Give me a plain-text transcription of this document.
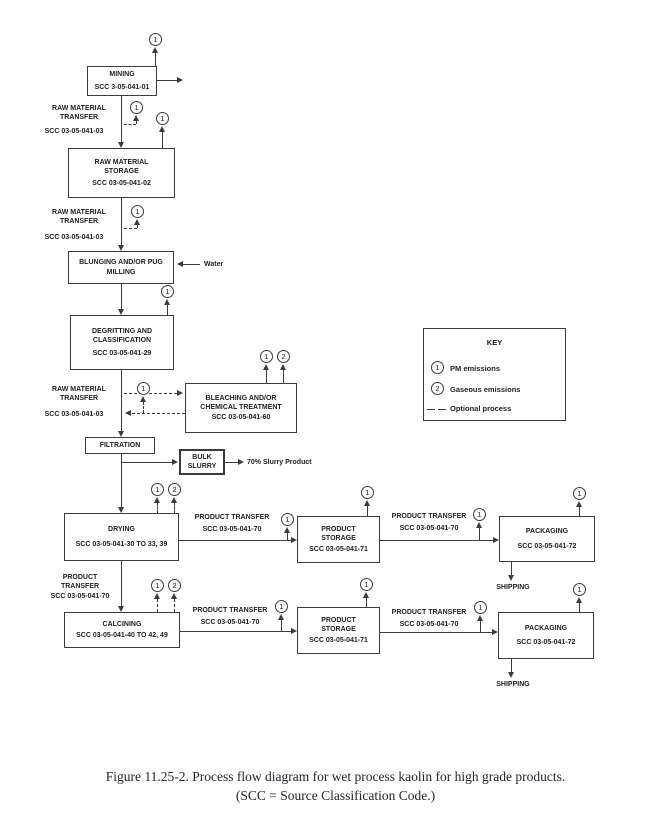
MINING
SCC 3-05-041-01
RAW MATERIAL
STORAGE
SCC 03-05-041-02
BLUNGING AND/OR PUG
MILLING
DEGRITTING AND
CLASSIFICATION
SCC 03-05-041-29
BLEACHING AND/OR
CHEMICAL TREATMENT
SCC 03-05-041-60
FILTRATION
BULK
SLURRY
DRYING
SCC 03-05-041-30 TO 33, 39
PRODUCT
STORAGE
SCC 03-05-041-71
PACKAGING
SCC 03-05-041-72
CALCINING
SCC 03-05-041-40 TO 42, 49
PRODUCT
STORAGE
SCC 03-05-041-71
PACKAGING
SCC 03-05-041-72
1
RAW MATERIAL
TRANSFER
SCC 03-05-041-03
1
1
RAW MATERIAL
TRANSFER
SCC 03-05-041-03
1
Water
1
RAW MATERIAL
TRANSFER
SCC 03-05-041-03
1
1	2
70% Slurry Product
1	2
PRODUCT TRANSFER
SCC 03-05-041-70
1
1
PRODUCT TRANSFER
SCC 03-05-041-70
1
1
SHIPPING
PRODUCT
TRANSFER
SCC 03-05-041-70
1	2
PRODUCT TRANSFER
SCC 03-05-041-70
1
1
PRODUCT TRANSFER
SCC 03-05-041-70
1
1
SHIPPING
KEY
1	PM emissions
2	Gaseous emissions
Optional process
Figure 11.25-2. Process flow diagram for wet process kaolin for high grade products.
(SCC = Source Classification Code.)
